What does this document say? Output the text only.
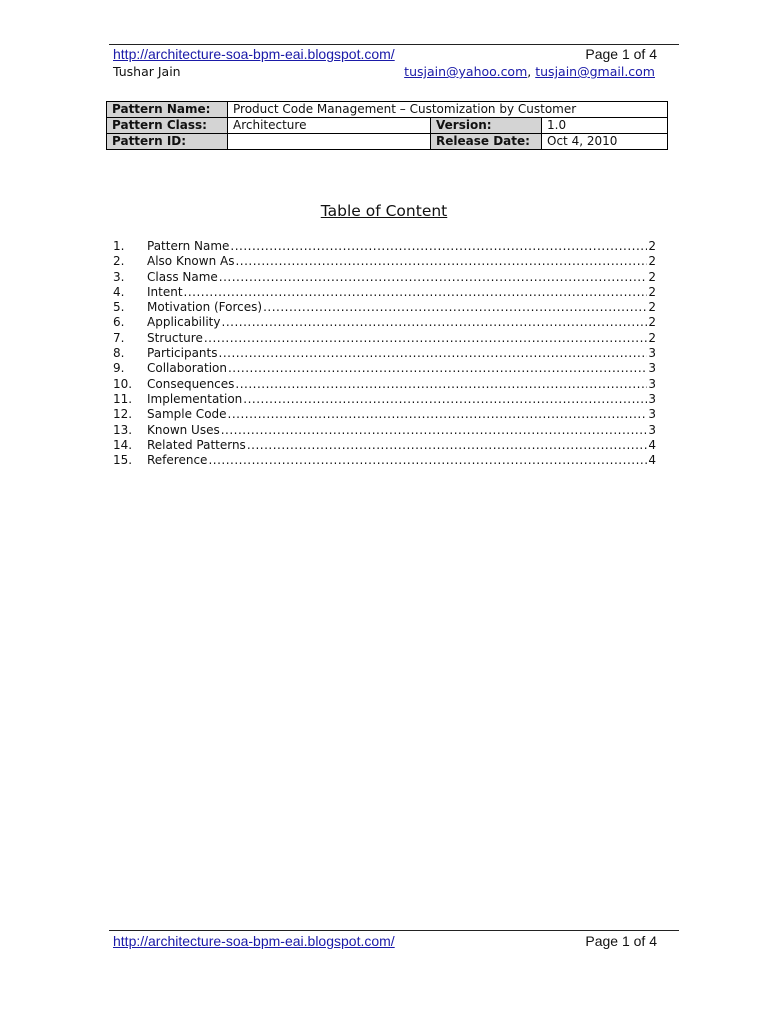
http://architecture-soa-bpm-eai.blogspot.com/	Page 1 of 4
Tushar Jain	tusjain@yahoo.com, tusjain@gmail.com
Pattern Name:	Product Code Management – Customization by Customer		
Pattern Class:	Architecture	Version:	1.0
Pattern ID:		Release Date:	Oct 4, 2010
Table of Content
1.	Pattern Name .....	2
2.	Also Known As .....	2
3.	Class Name .....	2
4.	Intent .....	2
5.	Motivation (Forces) .....	2
6.	Applicability .....	2
7.	Structure .....	2
8.	Participants .....	3
9.	Collaboration .....	3
10.	Consequences .....	3
11.	Implementation .....	3
12.	Sample Code .....	3
13.	Known Uses .....	3
14.	Related Patterns .....	4
15.	Reference .....	4
http://architecture-soa-bpm-eai.blogspot.com/	Page 1 of 4
